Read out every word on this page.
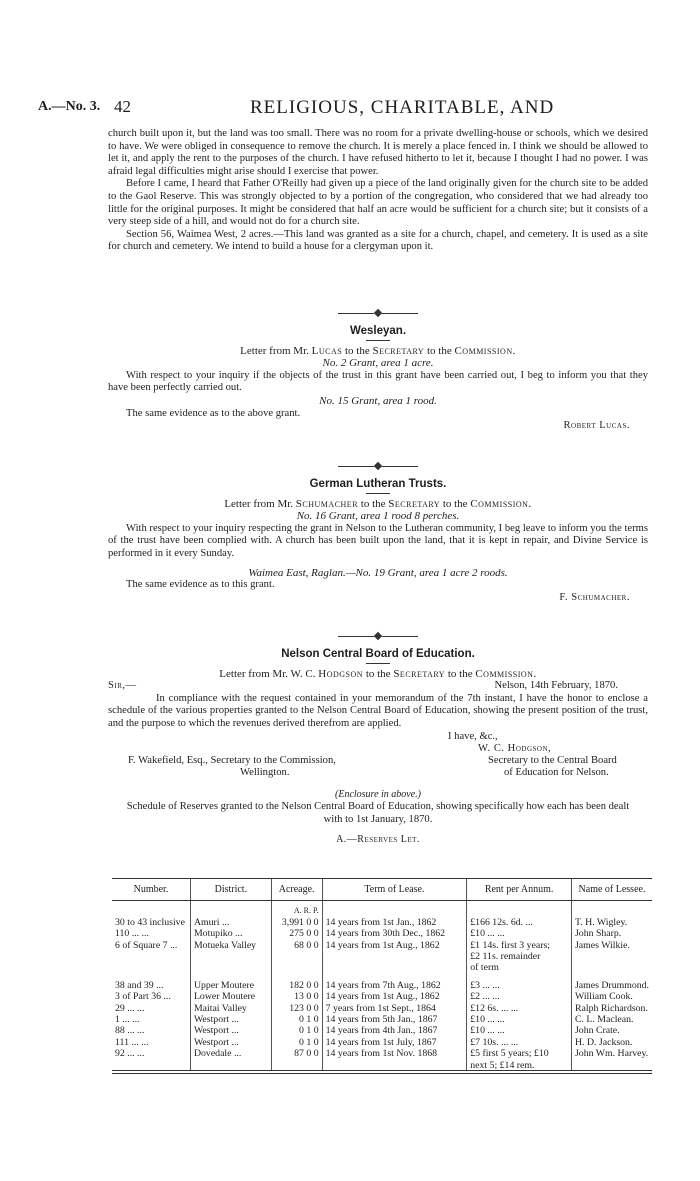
A.—No. 3. 42	RELIGIOUS, CHARITABLE, AND

church built upon it, but the land was too small. There was no room for a private dwelling-house or schools, which we desired to have. We were obliged in consequence to remove the church. It is merely a place fenced in. I think we should be allowed to let it, and apply the rent to the purposes of the church. I have refused hitherto to let it, because I thought I had no power. I was afraid legal difficulties might arise should I exercise that power.

Before I came, I heard that Father O'Reilly had given up a piece of the land originally given for the church site to be added to the Gaol Reserve. This was strongly objected to by a portion of the congregation, who considered that we had already too little for the original purposes. It might be considered that half an acre would be sufficient for a church site; but it consists of a very steep side of a hill, and would not do for a church site.

Section 56, Waimea West, 2 acres.—This land was granted as a site for a church, chapel, and cemetery. It is used as a site for church and cemetery. We intend to build a house for a clergyman upon it.

Wesleyan.
Letter from Mr. Lucas to the Secretary to the Commission.
No. 2 Grant, area 1 acre.

With respect to your inquiry if the objects of the trust in this grant have been carried out, I beg to inform you that they have been perfectly carried out.

No. 15 Grant, area 1 rood.

The same evidence as to the above grant.

Robert Lucas.
German Lutheran Trusts.
Letter from Mr. Schumacher to the Secretary to the Commission.
No. 16 Grant, area 1 rood 8 perches.

With respect to your inquiry respecting the grant in Nelson to the Lutheran community, I beg leave to inform you the terms of the trust have been complied with. A church has been built upon the land, that it is kept in repair, and Divine Service is performed in it every Sunday.

Waimea East, Raglan.—No. 19 Grant, area 1 acre 2 roods.

The same evidence as to this grant.

F. Schumacher.
Nelson Central Board of Education.
Letter from Mr. W. C. Hodgson to the Secretary to the Commission.
Sir,—	Nelson, 14th February, 1870.

In compliance with the request contained in your memorandum of the 7th instant, I have the honor to enclose a schedule of the various properties granted to the Nelson Central Board of Education, showing the present position of the trust, and the purpose to which the revenues derived therefrom are applied.

I have, &c.,
W. C. Hodgson,
Secretary to the Central Board
of Education for Nelson.
F. Wakefield, Esq., Secretary to the Commission,
Wellington.
(Enclosure in above.)
Schedule of Reserves granted to the Nelson Central Board of Education, showing specifically how each has been dealt with to 1st January, 1870.
A.—Reserves Let.
Number.	District.	Acreage.	Term of Lease.	Rent per Annum.	Name of Lessee.
		A. R. P.			
30 to 43 inclusive	Amuri ...	3,991 0 0	14 years from 1st Jan., 1862	£166 12s. 6d. ...	T. H. Wigley.
110 ... ...	Motupiko ...	275 0 0	14 years from 30th Dec., 1862	£10 ... ...	John Sharp.
6 of Square 7 ...	Motueka Valley	68 0 0	14 years from 1st Aug., 1862	£1 14s. first 3 years;	James Wilkie.
				£2 11s. remainder	
				of term	
38 and 39 ...	Upper Moutere	182 0 0	14 years from 7th Aug., 1862	£3 ... ...	James Drummond.
3 of Part 36 ...	Lower Moutere	13 0 0	14 years from 1st Aug., 1862	£2 ... ...	William Cook.
29 ... ...	Maitai Valley	123 0 0	7 years from 1st Sept., 1864	£12 6s. ... ...	Ralph Richardson.
1 ... ...	Westport ...	0 1 0	14 years from 5th Jan., 1867	£10 ... ...	C. L. Maclean.
88 ... ...	Westport ...	0 1 0	14 years from 4th Jan., 1867	£10 ... ...	John Crate.
111 ... ...	Westport ...	0 1 0	14 years from 1st July, 1867	£7 10s. ... ...	H. D. Jackson.
92 ... ...	Dovedale ...	87 0 0	14 years from 1st Nov. 1868	£5 first 5 years; £10	John Wm. Harvey.
				next 5; £14 rem.	
